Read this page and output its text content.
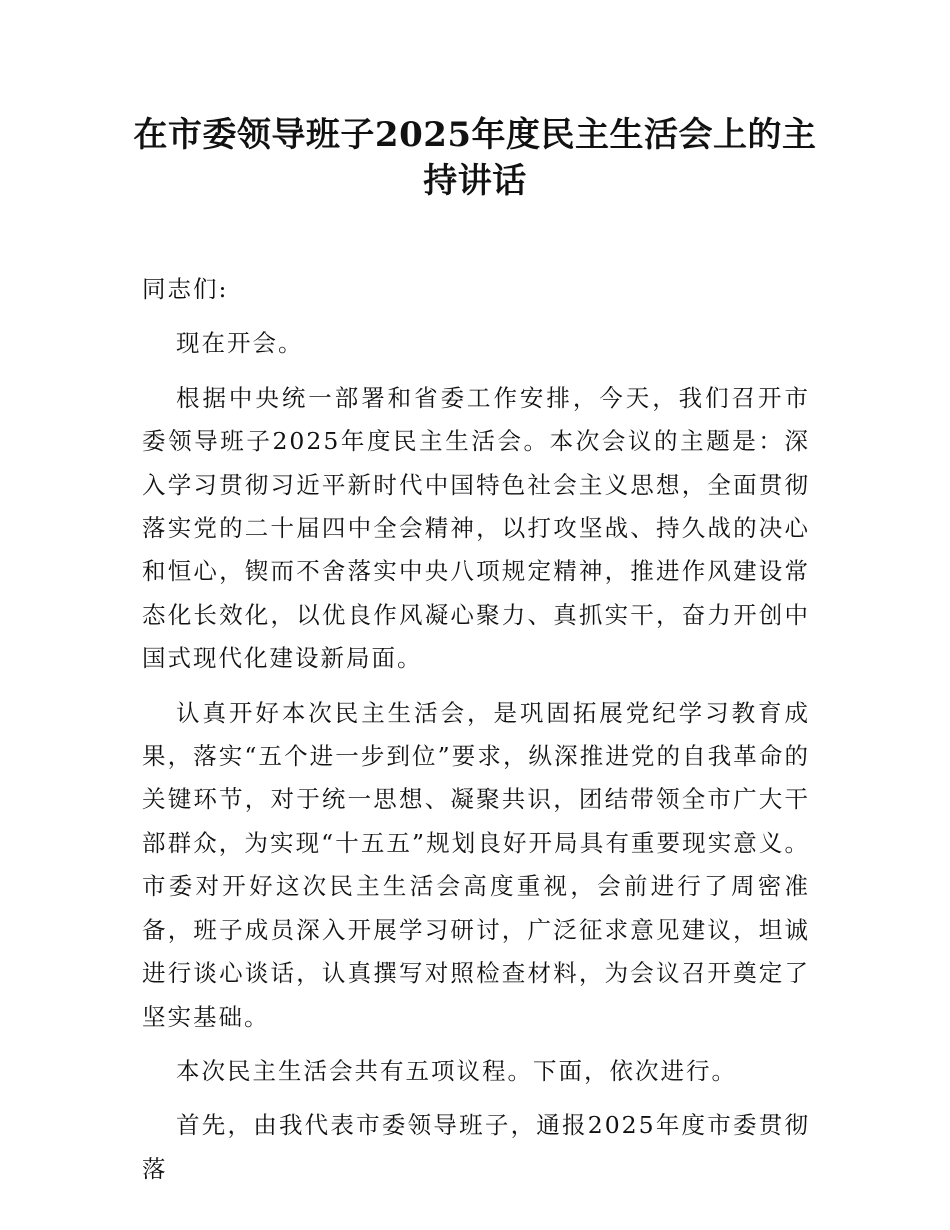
在市委领导班子2025年度民主生活会上的主持讲话

同志们:

现在开会。

根据中央统一部署和省委工作安排，今天，我们召开市委领导班子2025年度民主生活会。本次会议的主题是：深入学习贯彻习近平新时代中国特色社会主义思想，全面贯彻落实党的二十届四中全会精神，以打攻坚战、持久战的决心和恒心，锲而不舍落实中央八项规定精神，推进作风建设常态化长效化，以优良作风凝心聚力、真抓实干，奋力开创中国式现代化建设新局面。

认真开好本次民主生活会，是巩固拓展党纪学习教育成果，落实“五个进一步到位”要求，纵深推进党的自我革命的关键环节，对于统一思想、凝聚共识，团结带领全市广大干部群众，为实现“十五五”规划良好开局具有重要现实意义。市委对开好这次民主生活会高度重视，会前进行了周密准备，班子成员深入开展学习研讨，广泛征求意见建议，坦诚进行谈心谈话，认真撰写对照检查材料，为会议召开奠定了坚实基础。

本次民主生活会共有五项议程。下面，依次进行。

首先，由我代表市委领导班子，通报2025年度市委贯彻落
